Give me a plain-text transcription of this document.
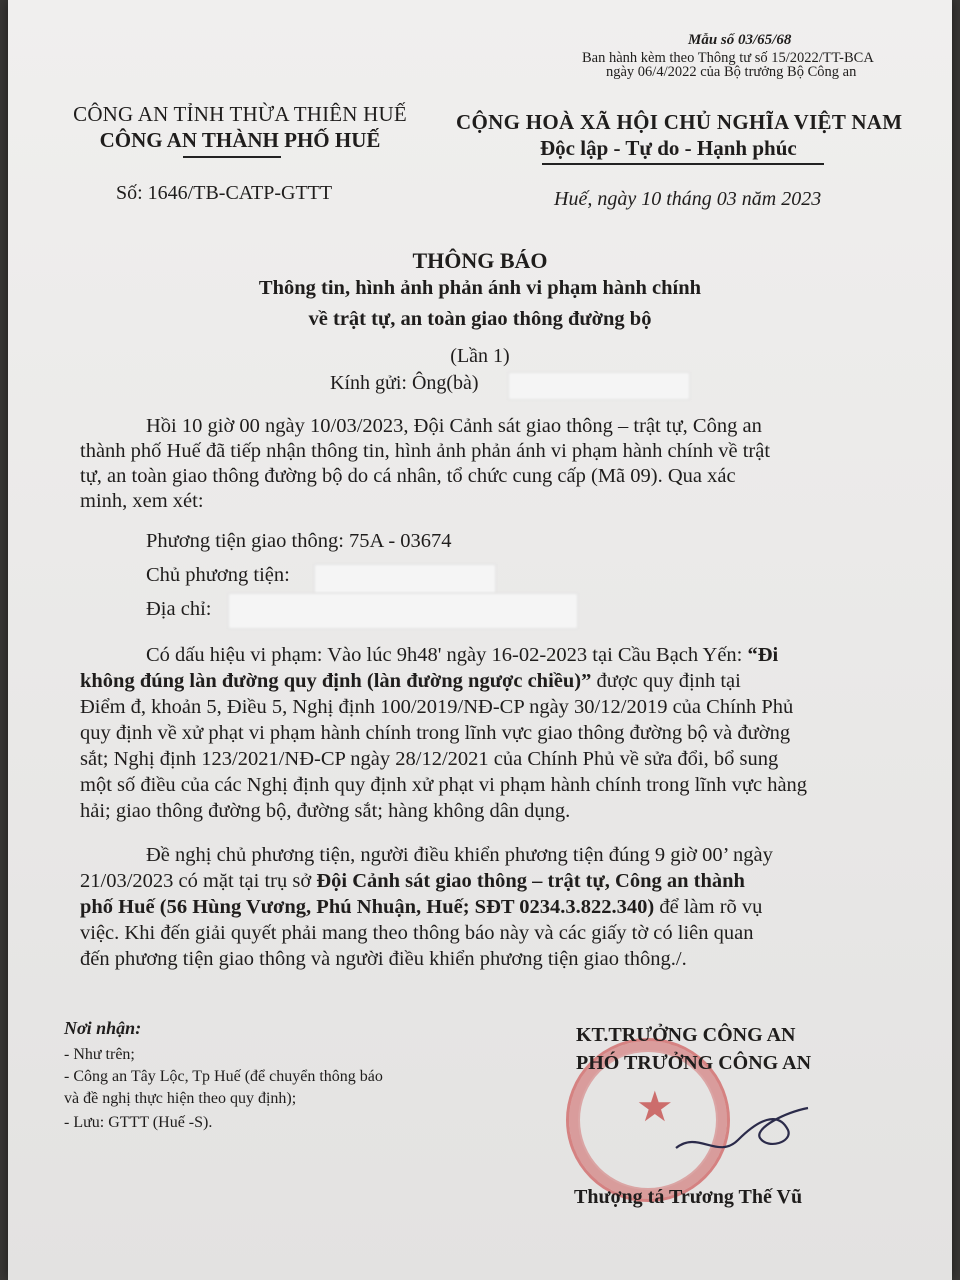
Mẫu số 03/65/68
Ban hành kèm theo Thông tư số 15/2022/TT-BCA
ngày 06/4/2022 của Bộ trưởng Bộ Công an
CÔNG AN TỈNH THỪA THIÊN HUẾ
CÔNG AN THÀNH PHỐ HUẾ
Số: 1646/TB-CATP-GTTT
CỘNG HOÀ XÃ HỘI CHỦ NGHĨA VIỆT NAM
Độc lập - Tự do - Hạnh phúc
Huế, ngày 10 tháng 03 năm 2023
THÔNG BÁO
Thông tin, hình ảnh phản ánh vi phạm hành chính
về trật tự, an toàn giao thông đường bộ
(Lần 1)
Kính gửi: Ông(bà)
Hồi 10 giờ 00 ngày 10/03/2023, Đội Cảnh sát giao thông – trật tự, Công an
thành phố Huế đã tiếp nhận thông tin, hình ảnh phản ánh vi phạm hành chính về trật
tự, an toàn giao thông đường bộ do cá nhân, tổ chức cung cấp (Mã 09). Qua xác
minh, xem xét:
Phương tiện giao thông: 75A - 03674
Chủ phương tiện:
Địa chỉ:
Có dấu hiệu vi phạm: Vào lúc 9h48' ngày 16-02-2023 tại Cầu Bạch Yến: “Đi
không đúng làn đường quy định (làn đường ngược chiều)” được quy định tại
Điểm đ, khoản 5, Điều 5, Nghị định 100/2019/NĐ-CP ngày 30/12/2019 của Chính Phủ
quy định về xử phạt vi phạm hành chính trong lĩnh vực giao thông đường bộ và đường
sắt; Nghị định 123/2021/NĐ-CP ngày 28/12/2021 của Chính Phủ về sửa đổi, bổ sung
một số điều của các Nghị định quy định xử phạt vi phạm hành chính trong lĩnh vực hàng
hải; giao thông đường bộ, đường sắt; hàng không dân dụng.
Đề nghị chủ phương tiện, người điều khiển phương tiện đúng 9 giờ 00’ ngày
21/03/2023 có mặt tại trụ sở Đội Cảnh sát giao thông – trật tự, Công an thành
phố Huế (56 Hùng Vương, Phú Nhuận, Huế; SĐT 0234.3.822.340) để làm rõ vụ
việc. Khi đến giải quyết phải mang theo thông báo này và các giấy tờ có liên quan
đến phương tiện giao thông và người điều khiển phương tiện giao thông./.
Nơi nhận:
- Như trên;
- Công an Tây Lộc, Tp Huế (để chuyển thông báo
và đề nghị thực hiện theo quy định);
- Lưu: GTTT (Huế -S).	★
KT.TRƯỞNG CÔNG AN
PHÓ TRƯỞNG CÔNG AN
Thượng tá Trương Thế Vũ
